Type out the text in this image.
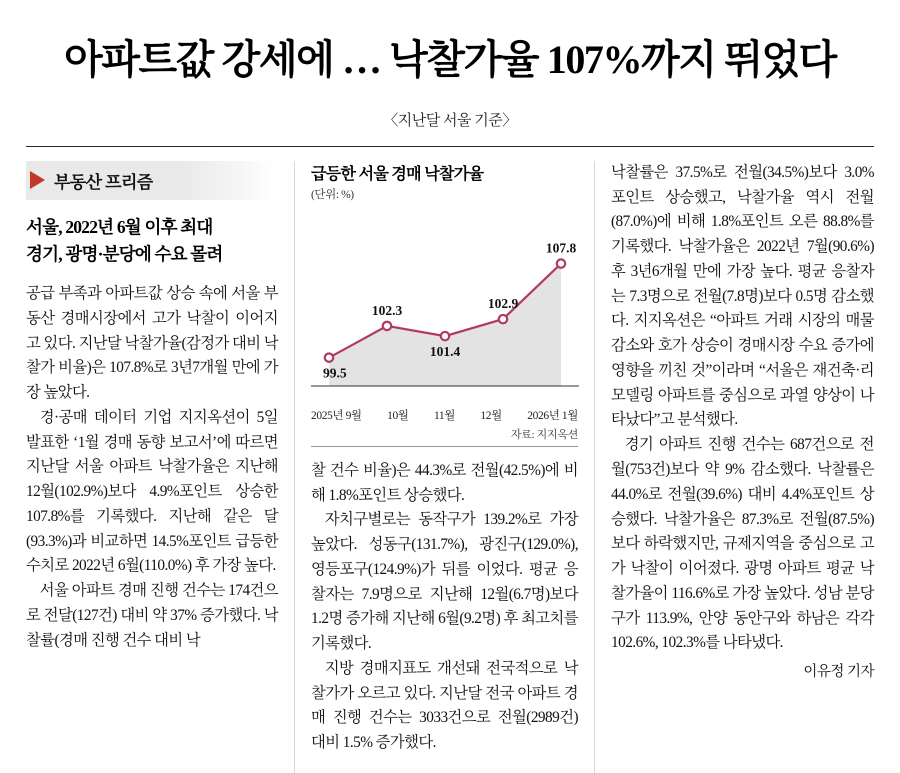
아파트값 강세에 … 낙찰가율 107%까지 뛰었다
〈지난달 서울 기준〉
부동산 프리즘
서울, 2022년 6월 이후 최대
경기, 광명·분당에 수요 몰려

공급 부족과 아파트값 상승 속에 서울 부동산 경매시장에서 고가 낙찰이 이어지고 있다. 지난달 낙찰가율(감정가 대비 낙찰가 비율)은 107.8%로 3년7개월 만에 가장 높았다.

경·공매 데이터 기업 지지옥션이 5일 발표한 ‘1월 경매 동향 보고서’에 따르면 지난달 서울 아파트 낙찰가율은 지난해 12월(102.9%)보다 4.9%포인트 상승한 107.8%를 기록했다. 지난해 같은 달(93.3%)과 비교하면 14.5%포인트 급등한 수치로 2022년 6월(110.0%) 후 가장 높다.

서울 아파트 경매 진행 건수는 174건으로 전달(127건) 대비 약 37% 증가했다. 낙찰률(경매 진행 건수 대비 낙

급등한 서울 경매 낙찰가율
(단위: %)
99.5
102.3
101.4
102.9
107.8
2025년 9월 10월 11월 12월 2026년 1월
자료: 지지옥션

찰 건수 비율)은 44.3%로 전월(42.5%)에 비해 1.8%포인트 상승했다.

자치구별로는 동작구가 139.2%로 가장 높았다. 성동구(131.7%), 광진구(129.0%), 영등포구(124.9%)가 뒤를 이었다. 평균 응찰자는 7.9명으로 지난해 12월(6.7명)보다 1.2명 증가해 지난해 6월(9.2명) 후 최고치를 기록했다.

지방 경매지표도 개선돼 전국적으로 낙찰가가 오르고 있다. 지난달 전국 아파트 경매 진행 건수는 3033건으로 전월(2989건) 대비 1.5% 증가했다.

낙찰률은 37.5%로 전월(34.5%)보다 3.0%포인트 상승했고, 낙찰가율 역시 전월(87.0%)에 비해 1.8%포인트 오른 88.8%를 기록했다. 낙찰가율은 2022년 7월(90.6%) 후 3년6개월 만에 가장 높다. 평균 응찰자는 7.3명으로 전월(7.8명)보다 0.5명 감소했다. 지지옥션은 “아파트 거래 시장의 매물 감소와 호가 상승이 경매시장 수요 증가에 영향을 끼친 것”이라며 “서울은 재건축·리모델링 아파트를 중심으로 과열 양상이 나타났다”고 분석했다.

경기 아파트 진행 건수는 687건으로 전월(753건)보다 약 9% 감소했다. 낙찰률은 44.0%로 전월(39.6%) 대비 4.4%포인트 상승했다. 낙찰가율은 87.3%로 전월(87.5%)보다 하락했지만, 규제지역을 중심으로 고가 낙찰이 이어졌다. 광명 아파트 평균 낙찰가율이 116.6%로 가장 높았다. 성남 분당구가 113.9%, 안양 동안구와 하남은 각각 102.6%, 102.3%를 나타냈다.

이유정 기자
